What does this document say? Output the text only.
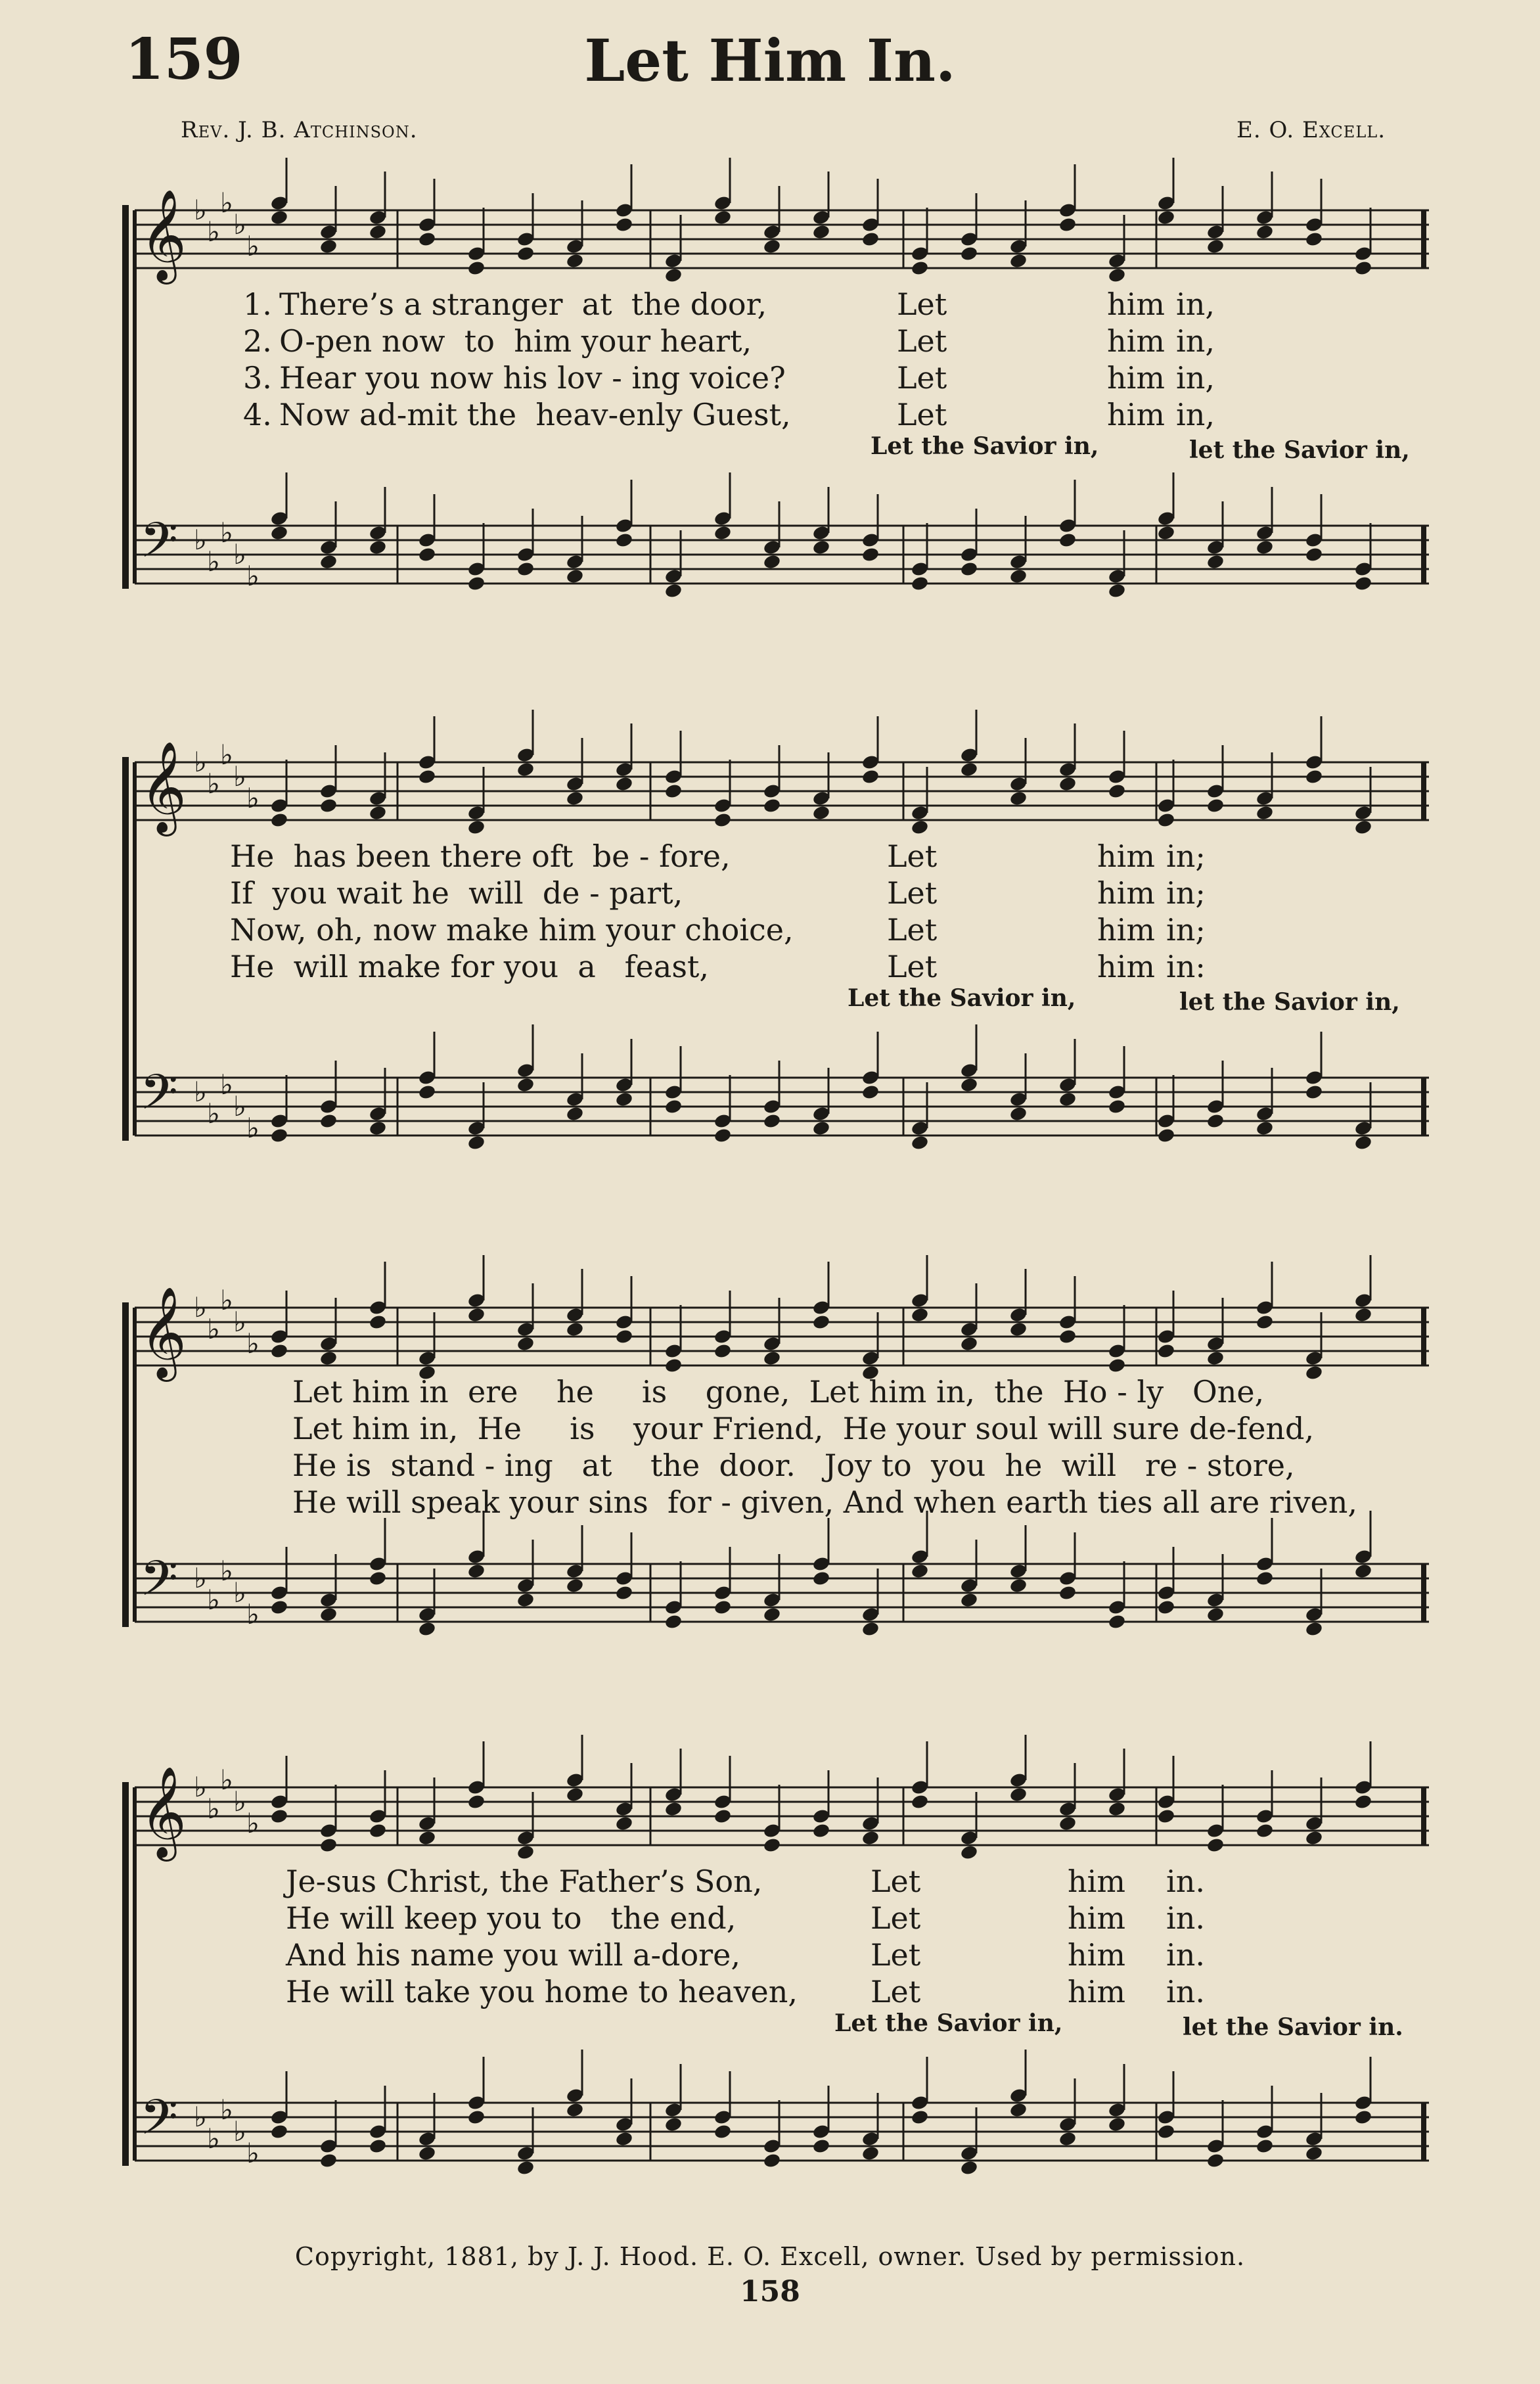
159	Let Him In.
Rev. J. B. Atchinson.	E. O. Excell.
𝄞 ♭
♭
♭
♭
♭
𝄢 ♭
♭
♭
♭
♭
1. There’s a stranger  at  the door,	Let	him in,
2. O-pen now  to  him your heart,	Let	him in,
3. Hear you now his lov - ing voice?	Let	him in,
4. Now ad-mit the  heav-enly Guest,	Let	him in,
Let the Savior in,	let the Savior in,
𝄞 ♭
♭
♭
♭
♭
𝄢 ♭
♭
♭
♭
♭
He  has been there oft  be - fore,	Let	him in;
If  you wait he  will  de - part,	Let	him in;
Now, oh, now make him your choice,	Let	him in;
He  will make for you  a   feast,	Let	him in:
Let the Savior in,	let the Savior in,
𝄞 ♭
♭
♭
♭
♭
𝄢 ♭
♭
♭
♭
♭
Let him in  ere    he     is    gone,  Let him in,  the  Ho - ly   One,
Let him in,  He     is    your Friend,  He your soul will sure de-fend,
He is  stand - ing   at    the  door.   Joy to  you  he  will   re - store,
He will speak your sins  for - given, And when earth ties all are riven,
𝄞 ♭
♭
♭
♭
♭
𝄢 ♭
♭
♭
♭
♭
Je-sus Christ, the Father’s Son,	Let	him in.
He will keep you to   the end,	Let	him in.
And his name you will a-dore,	Let	him in.
He will take you home to heaven, Let	him in.
Let the Savior in,	let the Savior in.
Copyright, 1881, by J. J. Hood. E. O. Excell, owner. Used by permission.
158
